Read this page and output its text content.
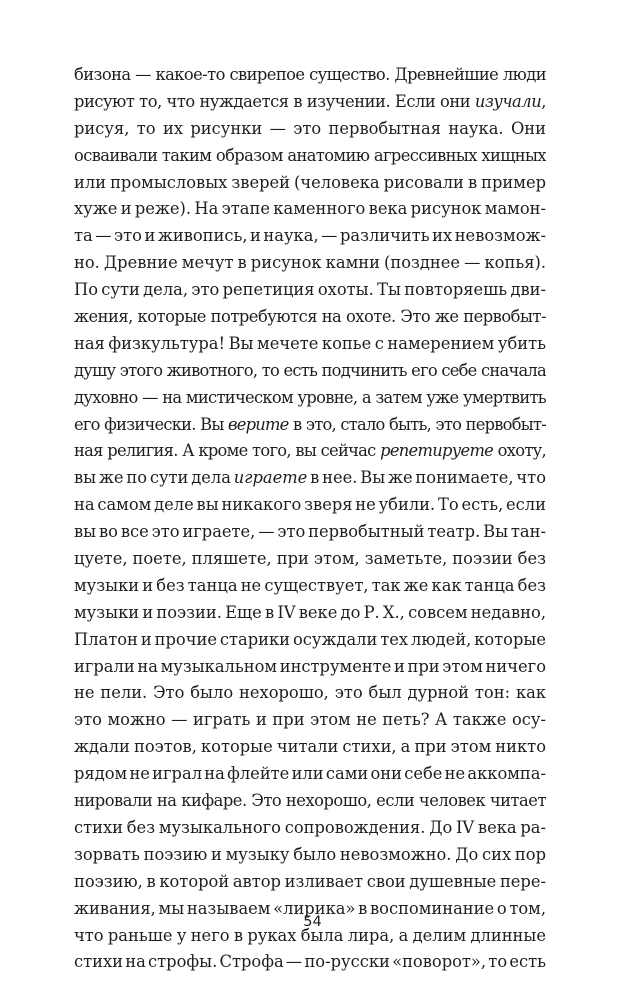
бизона — какое-то свирепое существо. Древнейшие люди
рисуют то, что нуждается в изучении. Если они изучали,
рисуя, то их рисунки — это первобытная наука. Они
осваивали таким образом анатомию агрессивных хищных
или промысловых зверей (человека рисовали в пример
хуже и реже). На этапе каменного века рисунок мамон-
та — это и живопись, и наука, — различить их невозмож-
но. Древние мечут в рисунок камни (позднее — копья).
По сути дела, это репетиция охоты. Ты повторяешь дви-
жения, которые потребуются на охоте. Это же первобыт-
ная физкультура! Вы мечете копье с намерением убить
душу этого животного, то есть подчинить его себе сначала
духовно — на мистическом уровне, а затем уже умертвить
его физически. Вы верите в это, стало быть, это первобыт-
ная религия. А кроме того, вы сейчас репетируете охоту,
вы же по сути дела играете в нее. Вы же понимаете, что
на самом деле вы никакого зверя не убили. То есть, если
вы во все это играете, — это первобытный театр. Вы тан-
цуете, поете, пляшете, при этом, заметьте, поэзии без
музыки и без танца не существует, так же как танца без
музыки и поэзии. Еще в IV веке до Р. Х., совсем недавно,
Платон и прочие старики осуждали тех людей, которые
играли на музыкальном инструменте и при этом ничего
не пели. Это было нехорошо, это был дурной тон: как
это можно — играть и при этом не петь? А также осу-
ждали поэтов, которые читали стихи, а при этом никто
рядом не играл на флейте или сами они себе не аккомпа-
нировали на кифаре. Это нехорошо, если человек читает
стихи без музыкального сопровождения. До IV века ра-
зорвать поэзию и музыку было невозможно. До сих пор
поэзию, в которой автор изливает свои душевные пере-
живания, мы называем «лирика» в воспоминание о том,
что раньше у него в руках была лира, а делим длинные
стихи на строфы. Строфа — по-русски «поворот», то есть
54
